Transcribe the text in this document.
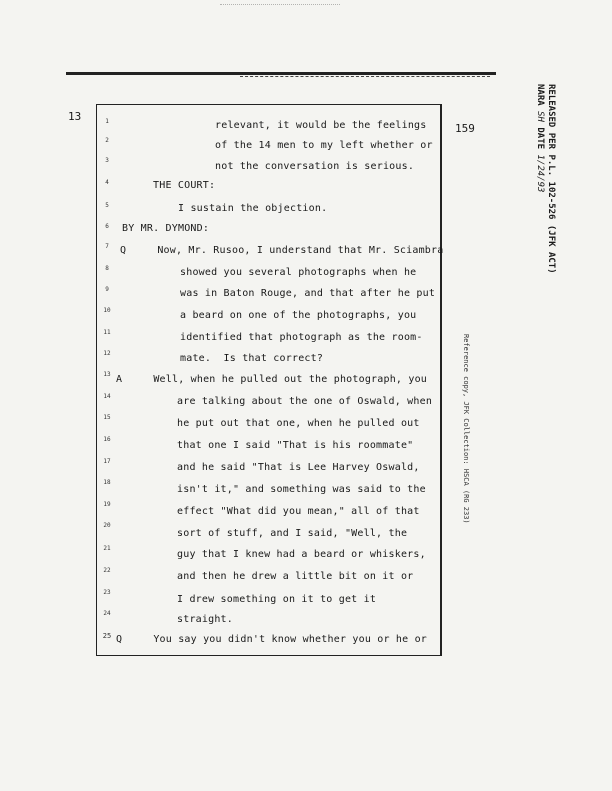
13
159	RELEASED PER P.L. 102-526 (JFK ACT)
NARA SH DATE 1/24/93
Reference copy, JFK Collection: HSCA (RG 233)
1
2
3
4
5
6
7
8
9
10
11
12
13
14
15
16
17
18
19
20
21
22
23
24
25
relevant, it would be the feelings
of the 14 men to my left whether or
not the conversation is serious.
THE COURT:
I sustain the objection.
BY MR. DYMOND:
Q     Now, Mr. Rusoo, I understand that Mr. Sciambra
showed you several photographs when he
was in Baton Rouge, and that after he put
a beard on one of the photographs, you
identified that photograph as the room-
mate.  Is that correct?
A     Well, when he pulled out the photograph, you
are talking about the one of Oswald, when
he put out that one, when he pulled out
that one I said "That is his roommate"
and he said "That is Lee Harvey Oswald,
isn't it," and something was said to the
effect "What did you mean," all of that
sort of stuff, and I said, "Well, the
guy that I knew had a beard or whiskers,
and then he drew a little bit on it or
I drew something on it to get it
straight.
Q     You say you didn't know whether you or he or
